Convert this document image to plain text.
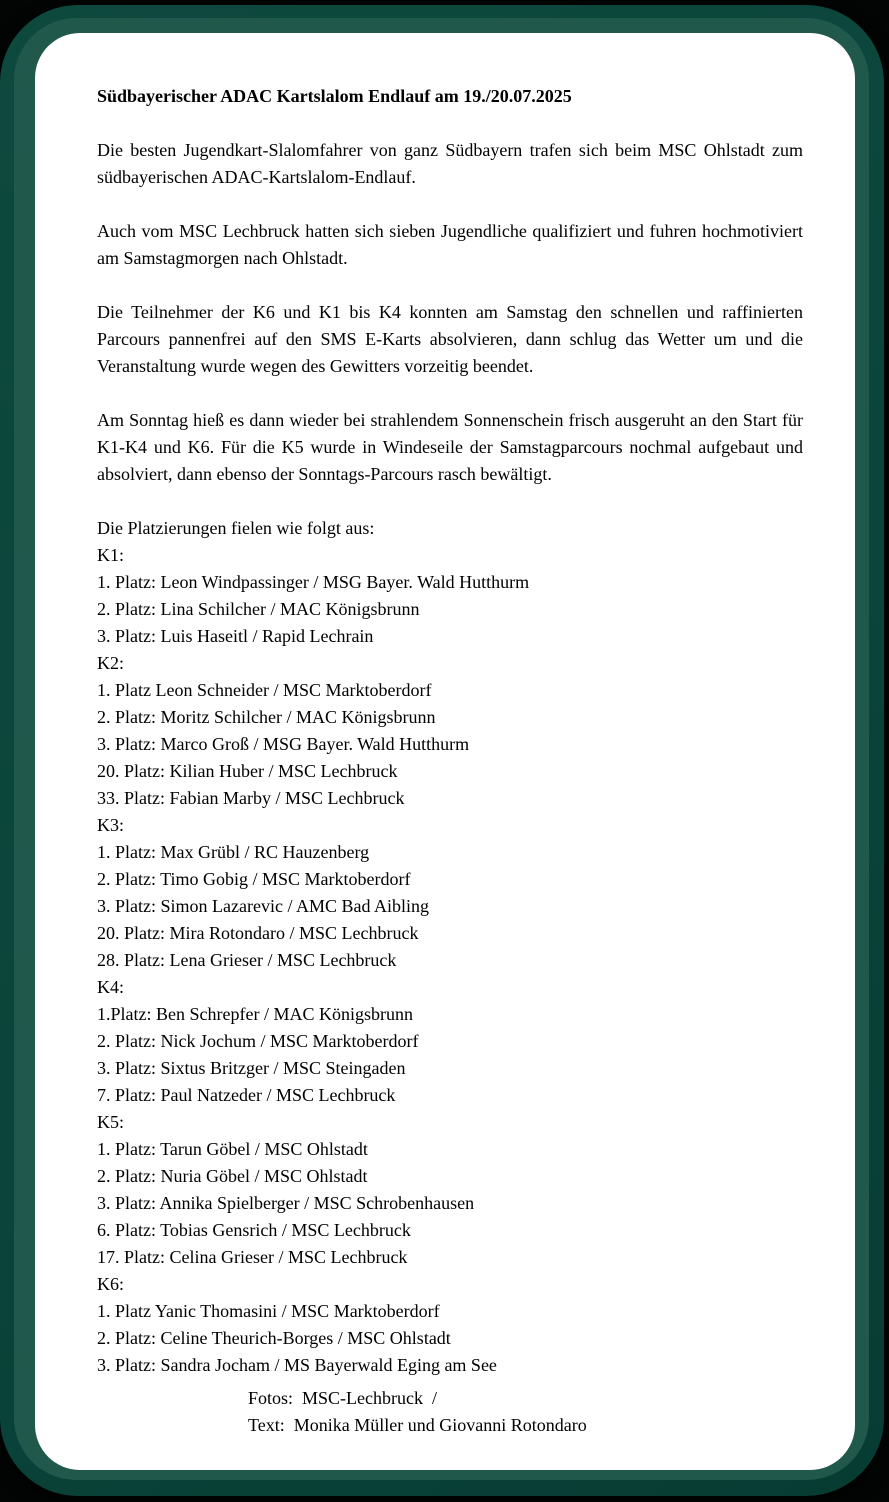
Südbayerischer ADAC Kartslalom Endlauf am 19./20.07.2025

Die besten Jugendkart-Slalomfahrer von ganz Südbayern trafen sich beim MSC Ohlstadt zum südbayerischen ADAC-Kartslalom-Endlauf.

Auch vom MSC Lechbruck hatten sich sieben Jugendliche qualifiziert und fuhren hochmotiviert am Samstagmorgen nach Ohlstadt.

Die Teilnehmer der K6 und K1 bis K4 konnten am Samstag den schnellen und raffinierten Parcours pannenfrei auf den SMS E-Karts absolvieren, dann schlug das Wetter um und die Veranstaltung wurde wegen des Gewitters vorzeitig beendet.

Am Sonntag hieß es dann wieder bei strahlendem Sonnenschein frisch ausgeruht an den Start für K1-K4 und K6. Für die K5 wurde in Windeseile der Samstagparcours nochmal aufgebaut und absolviert, dann ebenso der Sonntags-Parcours rasch bewältigt.

Die Platzierungen fielen wie folgt aus:
K1:
1. Platz: Leon Windpassinger / MSG Bayer. Wald Hutthurm
2. Platz: Lina Schilcher / MAC Königsbrunn
3. Platz: Luis Haseitl / Rapid Lechrain
K2:
1. Platz Leon Schneider / MSC Marktoberdorf
2. Platz: Moritz Schilcher / MAC Königsbrunn
3. Platz: Marco Groß / MSG Bayer. Wald Hutthurm
20. Platz: Kilian Huber / MSC Lechbruck
33. Platz: Fabian Marby / MSC Lechbruck
K3:
1. Platz: Max Grübl / RC Hauzenberg
2. Platz: Timo Gobig / MSC Marktoberdorf
3. Platz: Simon Lazarevic / AMC Bad Aibling
20. Platz: Mira Rotondaro / MSC Lechbruck
28. Platz: Lena Grieser / MSC Lechbruck
K4:
1.Platz: Ben Schrepfer / MAC Königsbrunn
2. Platz: Nick Jochum / MSC Marktoberdorf
3. Platz: Sixtus Britzger / MSC Steingaden
7. Platz: Paul Natzeder / MSC Lechbruck
K5:
1. Platz: Tarun Göbel / MSC Ohlstadt
2. Platz: Nuria Göbel / MSC Ohlstadt
3. Platz: Annika Spielberger / MSC Schrobenhausen
6. Platz: Tobias Gensrich / MSC Lechbruck
17. Platz: Celina Grieser / MSC Lechbruck
K6:
1. Platz Yanic Thomasini / MSC Marktoberdorf
2. Platz: Celine Theurich-Borges / MSC Ohlstadt
3. Platz: Sandra Jocham / MS Bayerwald Eging am See
Fotos:  MSC-Lechbruck  /
Text:  Monika Müller und Giovanni Rotondaro
